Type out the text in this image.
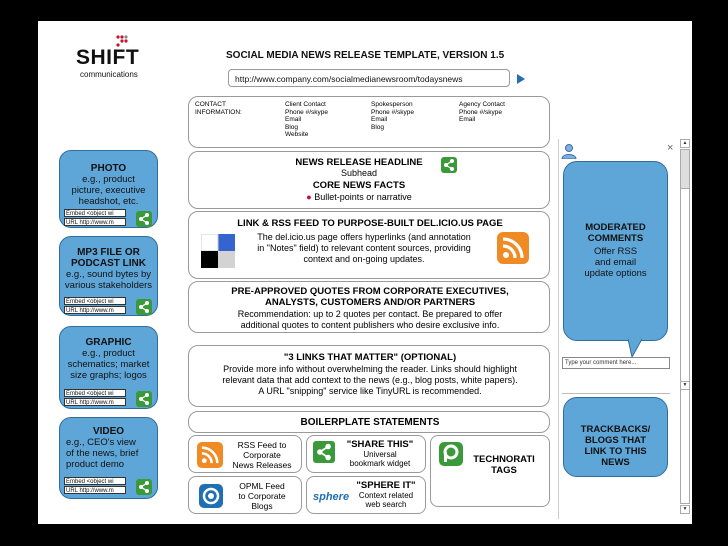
SHIFT
communications
SOCIAL MEDIA NEWS RELEASE TEMPLATE, VERSION 1.5
http://www.company.com/socialmedianewsroom/todaysnews
CONTACT
INFORMATION:
Client Contact
Phone #/skype
Email
Blog
Website
Spokesperson
Phone #/skype
Email
Blog
Agency Contact
Phone #/skype
Email
NEWS RELEASE HEADLINE
Subhead
CORE NEWS FACTS
● Bullet-points or narrative
LINK & RSS FEED TO PURPOSE-BUILT DEL.ICIO.US PAGE
The del.icio.us page offers hyperlinks (and annotation
in "Notes" field) to relevant content sources, providing
context and on-going updates.
PRE-APPROVED QUOTES FROM CORPORATE EXECUTIVES,
ANALYSTS, CUSTOMERS AND/OR PARTNERS
Recommendation: up to 2 quotes per contact. Be prepared to offer
additional quotes to content publishers who desire exclusive info.
"3 LINKS THAT MATTER" (OPTIONAL)
Provide more info without overwhelming the reader. Links should highlight
relevant data that add context to the news (e.g., blog posts, white papers).
A URL "snipping" service like TinyURL is recommended.
BOILERPLATE STATEMENTS
RSS Feed to
Corporate
News Releases
"SHARE THIS"
Universal
bookmark widget	TECHNORATI
TAGS
OPML Feed
to Corporate
Blogs
sphere
"SPHERE IT"
Context related
web search
PHOTO
e.g., product
picture, executive
headshot, etc.
Embed <object wi
URL http://www.m
MP3 FILE OR
PODCAST LINK
e.g., sound bytes by
various stakeholders
Embed <object wi
URL http://www.m
GRAPHIC
e.g., product
schematics; market
size graphs; logos
Embed <object wi
URL http://www.m
VIDEO
e.g., CEO's view
of the news, brief
product demo
Embed <object wi
URL http://www.m
×
MODERATED
COMMENTS
Offer RSS
and email
update options
Type your comment here...
TRACKBACKS/
BLOGS THAT
LINK TO THIS
NEWS
▲
▼
▼
